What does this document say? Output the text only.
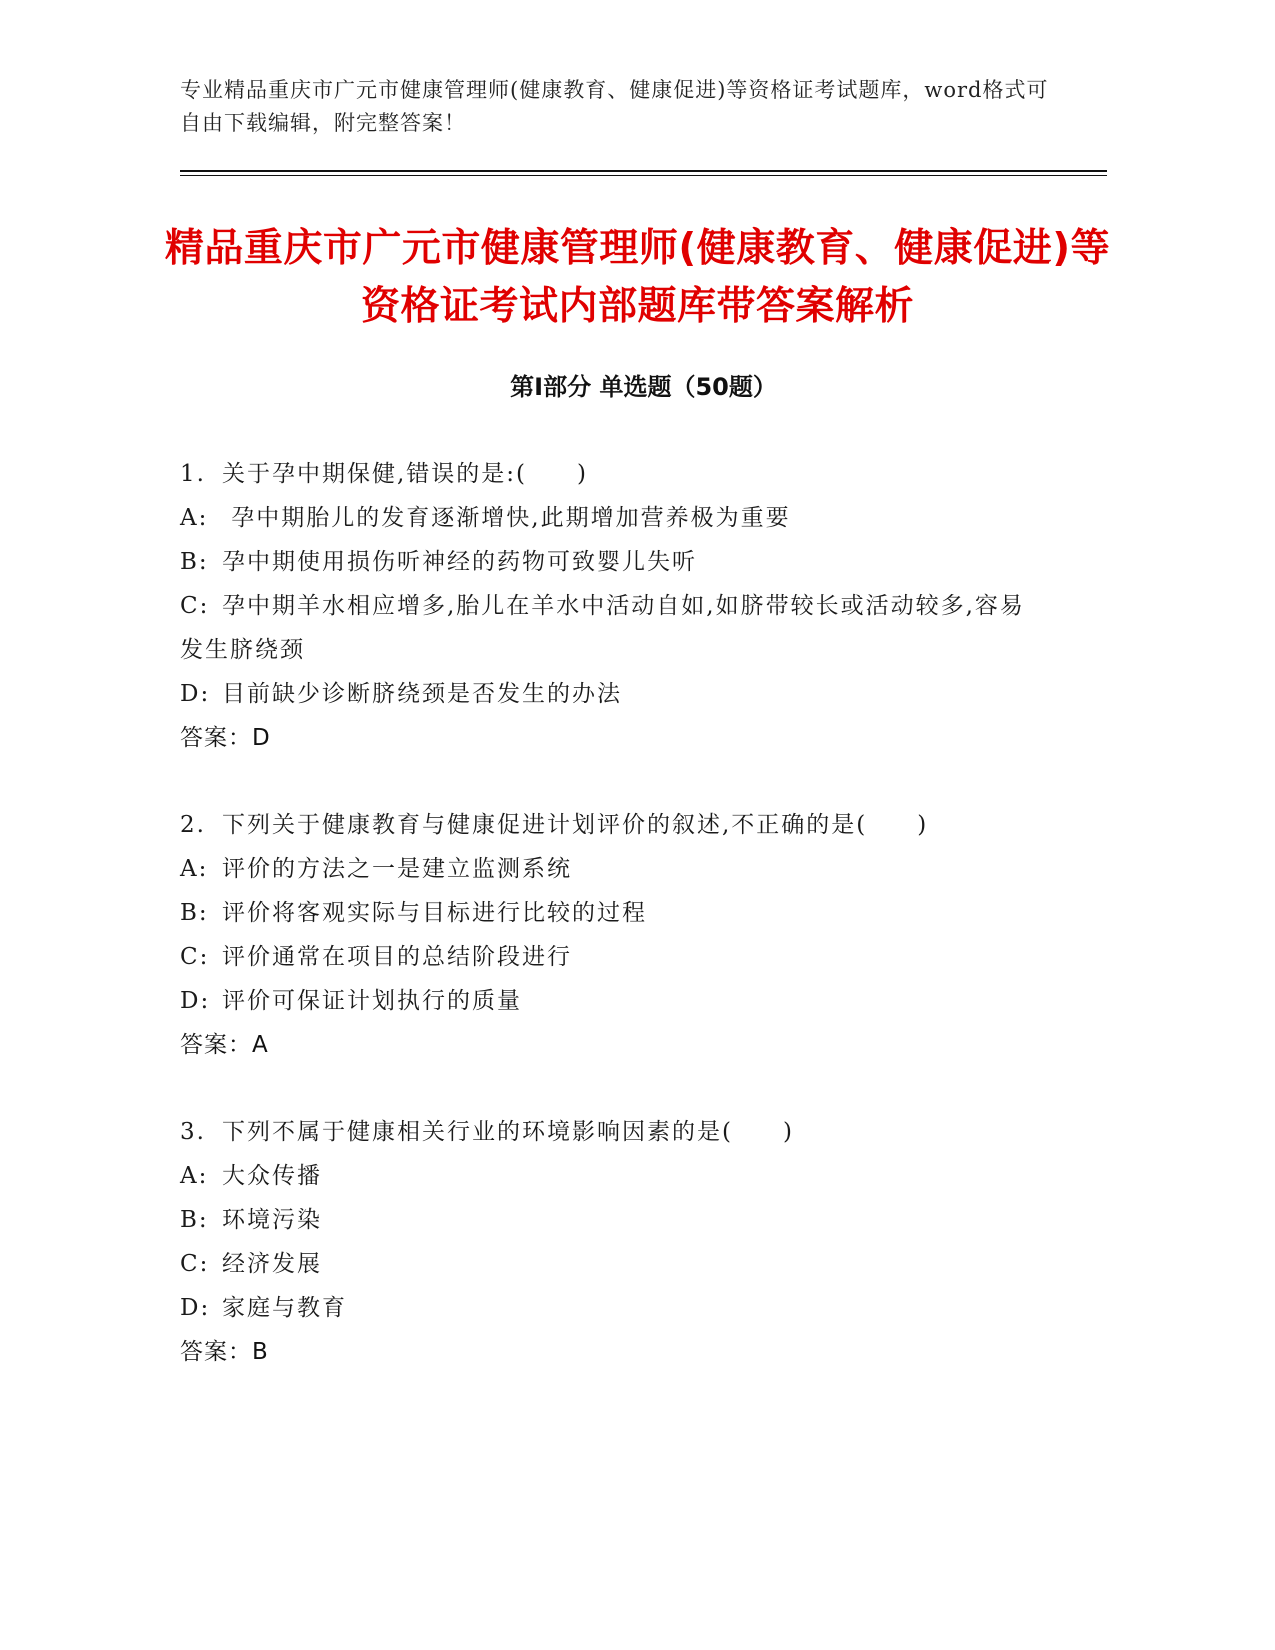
专业精品重庆市广元市健康管理师(健康教育、健康促进)等资格证考试题库，word格式可自由下载编辑，附完整答案！
精品重庆市广元市健康管理师(健康教育、健康促进)等资格证考试内部题库带答案解析
第Ⅰ部分 单选题（50题）
1. 关于孕中期保健,错误的是:(　　)
A: 孕中期胎儿的发育逐渐增快,此期增加营养极为重要
B: 孕中期使用损伤听神经的药物可致婴儿失听
C: 孕中期羊水相应增多,胎儿在羊水中活动自如,如脐带较长或活动较多,容易发生脐绕颈
D: 目前缺少诊断脐绕颈是否发生的办法
答案：D
2. 下列关于健康教育与健康促进计划评价的叙述,不正确的是(　　)
A: 评价的方法之一是建立监测系统
B: 评价将客观实际与目标进行比较的过程
C: 评价通常在项目的总结阶段进行
D: 评价可保证计划执行的质量
答案：A
3. 下列不属于健康相关行业的环境影响因素的是(　　)
A: 大众传播
B: 环境污染
C: 经济发展
D: 家庭与教育
答案：B
